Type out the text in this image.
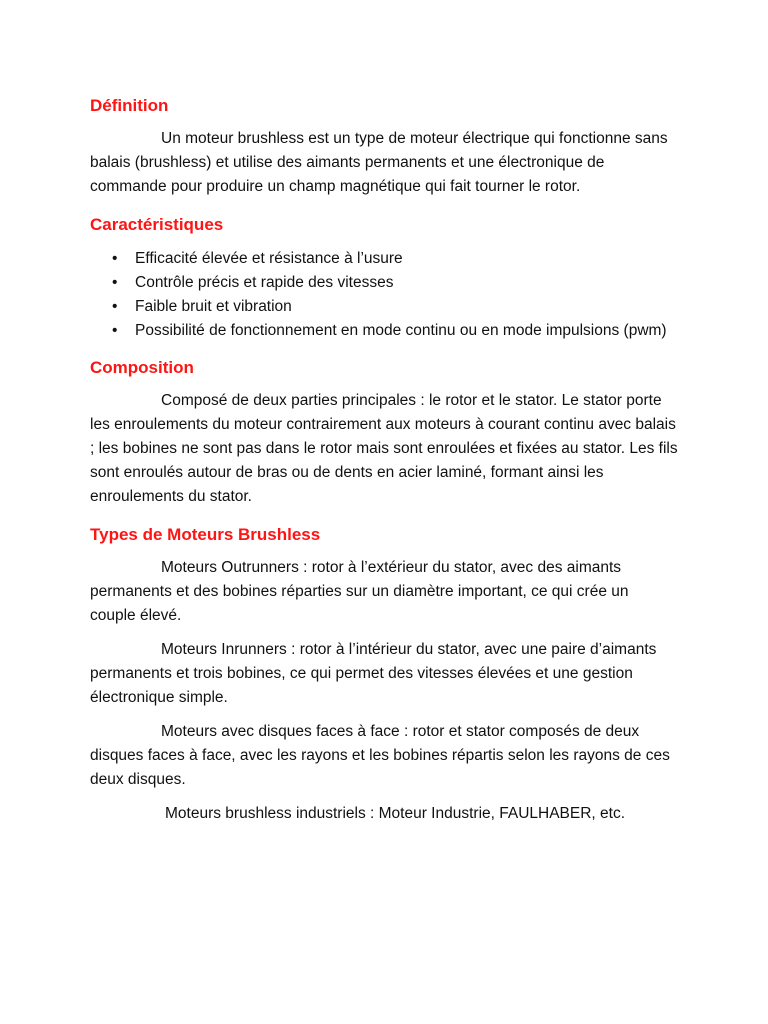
Définition

Un moteur brushless est un type de moteur électrique qui fonctionne sans balais (brushless) et utilise des aimants permanents et une électronique de commande pour produire un champ magnétique qui fait tourner le rotor.

Caractéristiques
• Efficacité élevée et résistance à l’usure
• Contrôle précis et rapide des vitesses
• Faible bruit et vibration
• Possibilité de fonctionnement en mode continu ou en mode impulsions (pwm)
Composition

Composé de deux parties principales : le rotor et le stator. Le stator porte les enroulements du moteur contrairement aux moteurs à courant continu avec balais ; les bobines ne sont pas dans le rotor mais sont enroulées et fixées au stator. Les fils sont enroulés autour de bras ou de dents en acier laminé, formant ainsi les enroulements du stator.

Types de Moteurs Brushless

Moteurs Outrunners : rotor à l’extérieur du stator, avec des aimants permanents et des bobines réparties sur un diamètre important, ce qui crée un couple élevé.

Moteurs Inrunners : rotor à l’intérieur du stator, avec une paire d’aimants permanents et trois bobines, ce qui permet des vitesses élevées et une gestion électronique simple.

Moteurs avec disques faces à face : rotor et stator composés de deux disques faces à face, avec les rayons et les bobines répartis selon les rayons de ces deux disques.

Moteurs brushless industriels : Moteur Industrie, FAULHABER, etc.
